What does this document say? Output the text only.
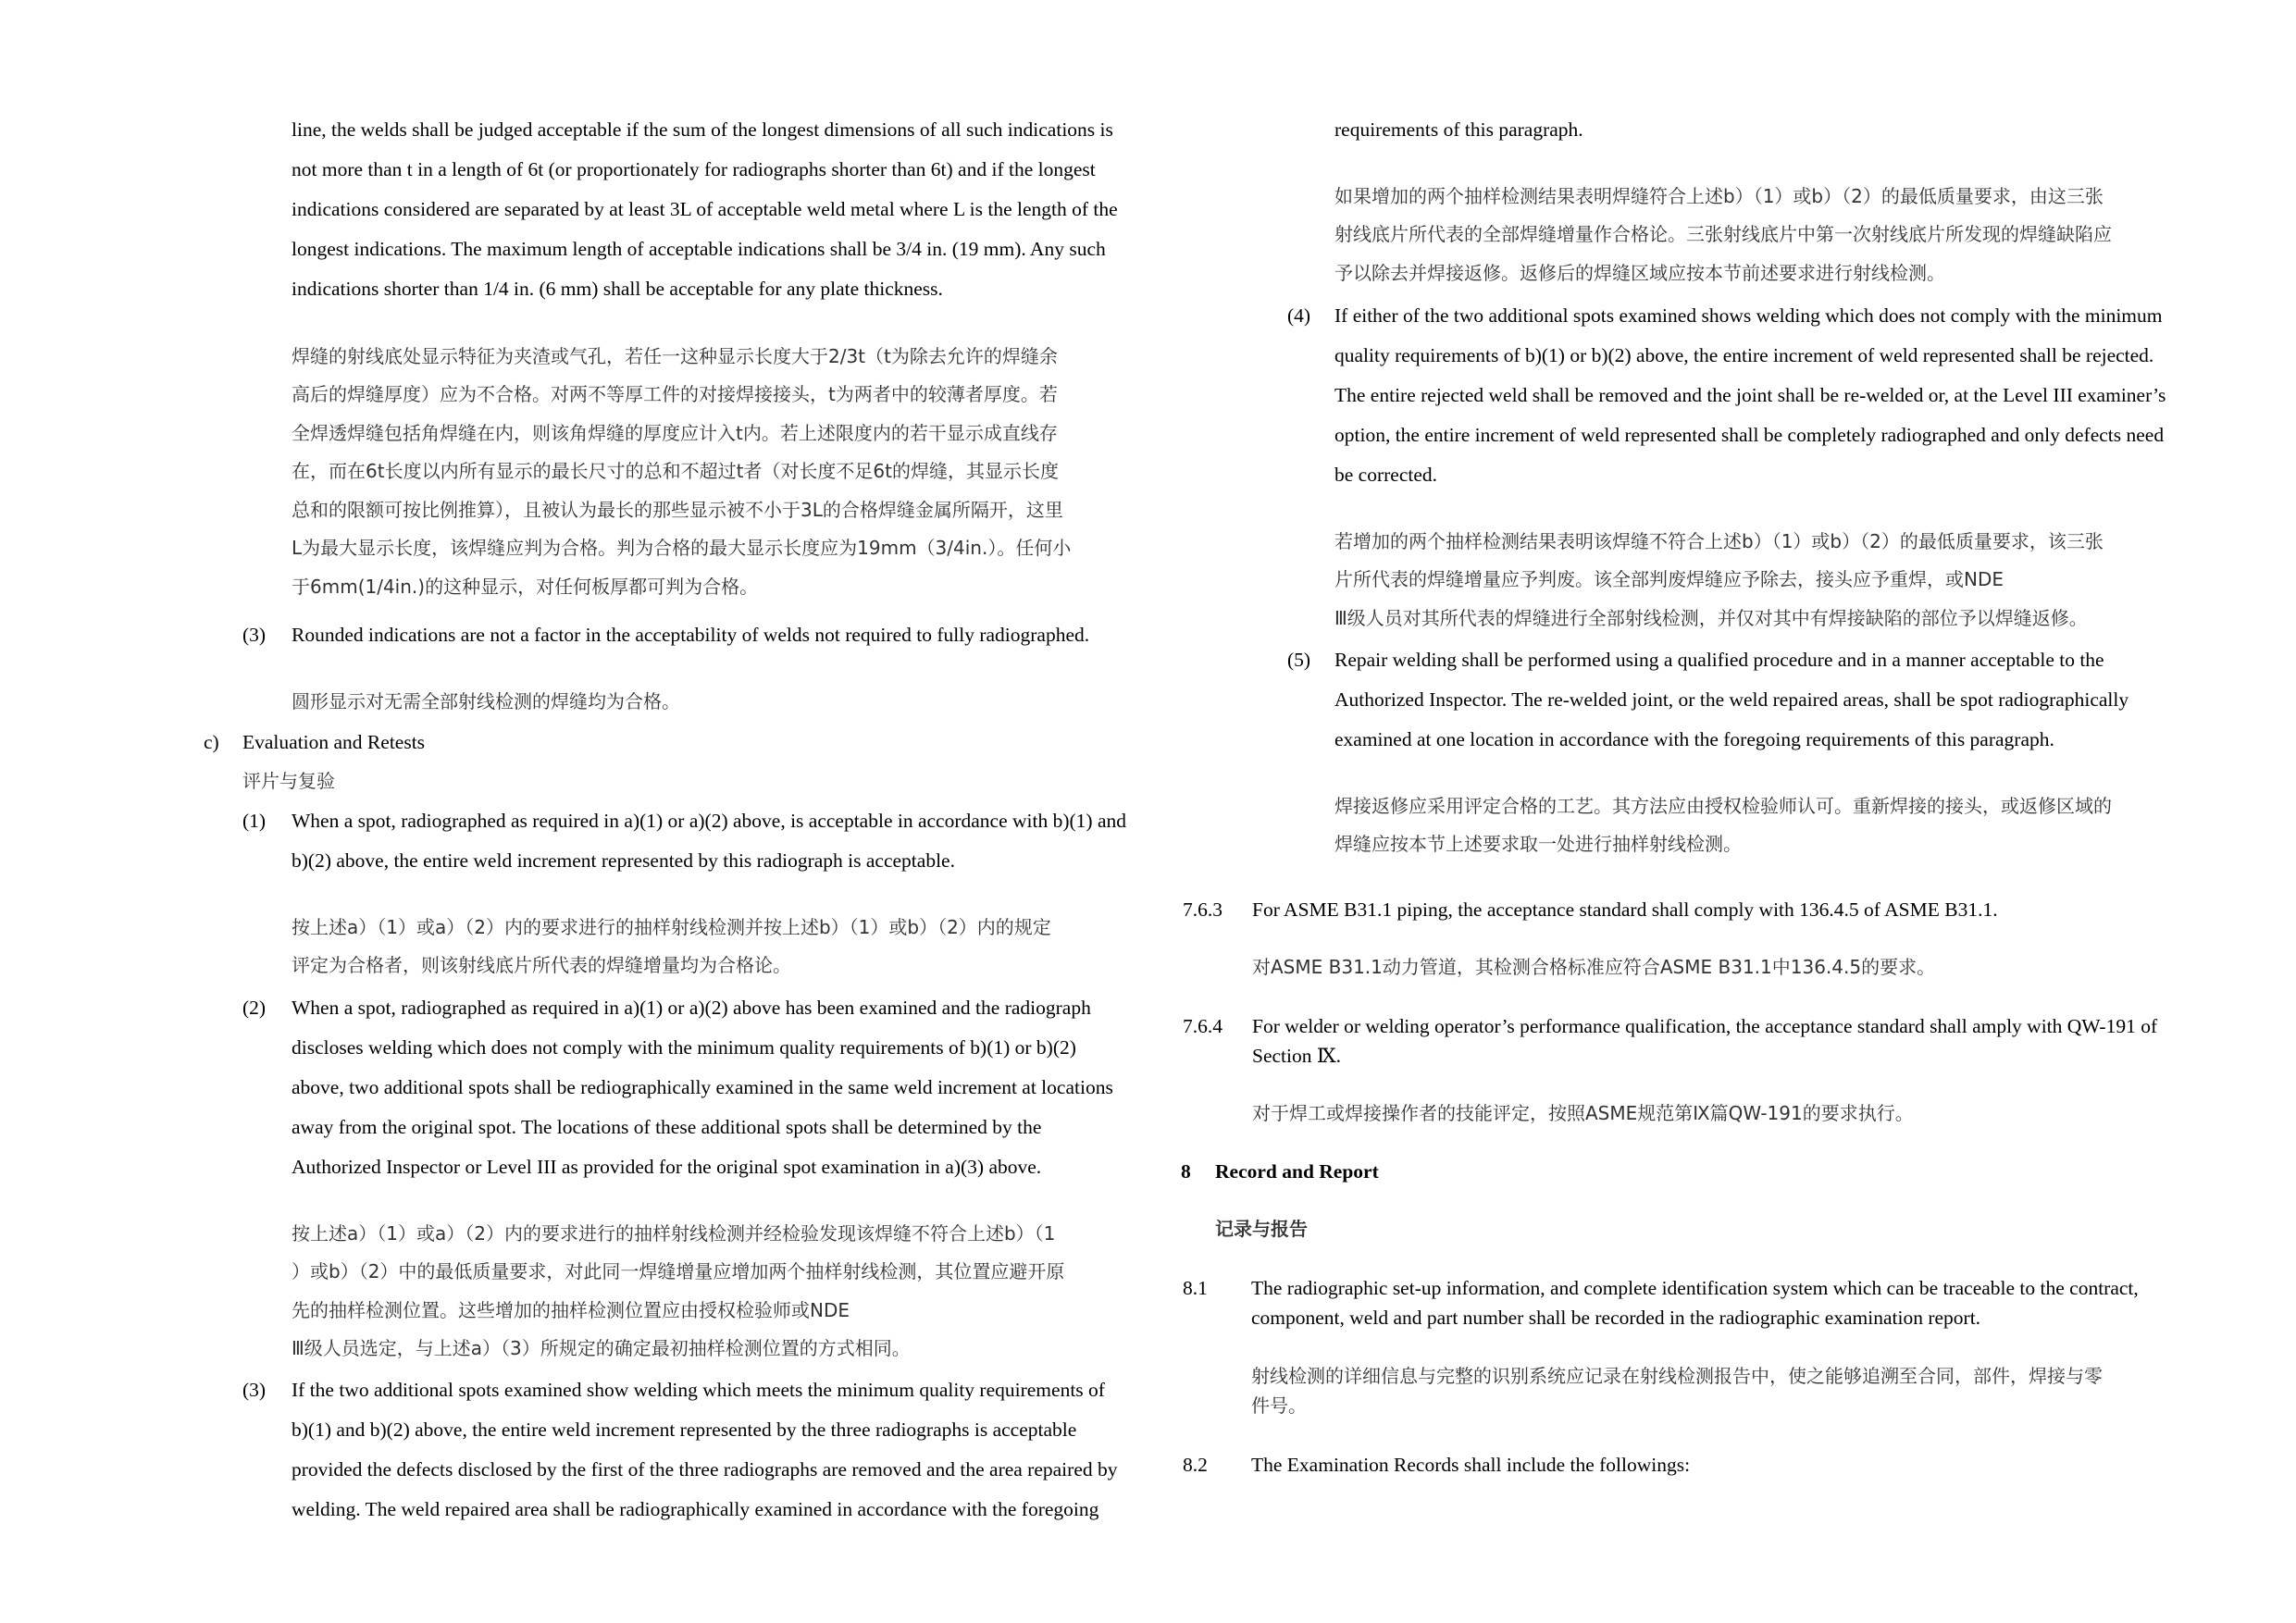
line, the welds shall be judged acceptable if the sum of the longest dimensions of all such indications is
not more than t in a length of 6t (or proportionately for radiographs shorter than 6t) and if the longest
indications considered are separated by at least 3L of acceptable weld metal where L is the length of the
longest indications. The maximum length of acceptable indications shall be 3/4 in. (19 mm). Any such
indications shorter than 1/4 in. (6 mm) shall be acceptable for any plate thickness.
焊缝的射线底处显示特征为夹渣或气孔，若任一这种显示长度大于2/3t（t为除去允许的焊缝余
高后的焊缝厚度）应为不合格。对两不等厚工件的对接焊接接头，t为两者中的较薄者厚度。若
全焊透焊缝包括角焊缝在内，则该角焊缝的厚度应计入t内。若上述限度内的若干显示成直线存
在，而在6t长度以内所有显示的最长尺寸的总和不超过t者（对长度不足6t的焊缝，其显示长度
总和的限额可按比例推算），且被认为最长的那些显示被不小于3L的合格焊缝金属所隔开，这里
L为最大显示长度，该焊缝应判为合格。判为合格的最大显示长度应为19mm（3/4in.）。任何小
于6mm(1/4in.)的这种显示，对任何板厚都可判为合格。
(3) Rounded indications are not a factor in the acceptability of welds not required to fully radiographed.
圆形显示对无需全部射线检测的焊缝均为合格。
c) Evaluation and Retests
评片与复验
(1) When a spot, radiographed as required in a)(1) or a)(2) above, is acceptable in accordance with b)(1) and
b)(2) above, the entire weld increment represented by this radiograph is acceptable.
按上述a）（1）或a）（2）内的要求进行的抽样射线检测并按上述b）（1）或b）（2）内的规定
评定为合格者，则该射线底片所代表的焊缝增量均为合格论。
(2) When a spot, radiographed as required in a)(1) or a)(2) above has been examined and the radiograph
discloses welding which does not comply with the minimum quality requirements of b)(1) or b)(2)
above, two additional spots shall be rediographically examined in the same weld increment at locations
away from the original spot. The locations of these additional spots shall be determined by the
Authorized Inspector or Level III as provided for the original spot examination in a)(3) above.
按上述a）（1）或a）（2）内的要求进行的抽样射线检测并经检验发现该焊缝不符合上述b）（1
）或b）（2）中的最低质量要求，对此同一焊缝增量应增加两个抽样射线检测，其位置应避开原
先的抽样检测位置。这些增加的抽样检测位置应由授权检验师或NDE
Ⅲ级人员选定，与上述a）（3）所规定的确定最初抽样检测位置的方式相同。
(3) If the two additional spots examined show welding which meets the minimum quality requirements of
b)(1) and b)(2) above, the entire weld increment represented by the three radiographs is acceptable
provided the defects disclosed by the first of the three radiographs are removed and the area repaired by
welding. The weld repaired area shall be radiographically examined in accordance with the foregoing
requirements of this paragraph.
如果增加的两个抽样检测结果表明焊缝符合上述b）（1）或b）（2）的最低质量要求，由这三张
射线底片所代表的全部焊缝增量作合格论。三张射线底片中第一次射线底片所发现的焊缝缺陷应
予以除去并焊接返修。返修后的焊缝区域应按本节前述要求进行射线检测。
(4) If either of the two additional spots examined shows welding which does not comply with the minimum
quality requirements of b)(1) or b)(2) above, the entire increment of weld represented shall be rejected.
The entire rejected weld shall be removed and the joint shall be re-welded or, at the Level III examiner’s
option, the entire increment of weld represented shall be completely radiographed and only defects need
be corrected.
若增加的两个抽样检测结果表明该焊缝不符合上述b）（1）或b）（2）的最低质量要求，该三张
片所代表的焊缝增量应予判废。该全部判废焊缝应予除去，接头应予重焊，或NDE
Ⅲ级人员对其所代表的焊缝进行全部射线检测，并仅对其中有焊接缺陷的部位予以焊缝返修。
(5) Repair welding shall be performed using a qualified procedure and in a manner acceptable to the
Authorized Inspector. The re-welded joint, or the weld repaired areas, shall be spot radiographically
examined at one location in accordance with the foregoing requirements of this paragraph.
焊接返修应采用评定合格的工艺。其方法应由授权检验师认可。重新焊接的接头，或返修区域的
焊缝应按本节上述要求取一处进行抽样射线检测。
7.6.3 For ASME B31.1 piping, the acceptance standard shall comply with 136.4.5 of ASME B31.1.
对ASME B31.1动力管道，其检测合格标准应符合ASME B31.1中136.4.5的要求。
7.6.4 For welder or welding operator’s performance qualification, the acceptance standard shall amply with QW-191 of
Section Ⅸ.
对于焊工或焊接操作者的技能评定，按照ASME规范第Ⅸ篇QW-191的要求执行。
8 Record and Report
记录与报告
8.1 The radiographic set-up information, and complete identification system which can be traceable to the contract,
component, weld and part number shall be recorded in the radiographic examination report.
射线检测的详细信息与完整的识别系统应记录在射线检测报告中，使之能够追溯至合同，部件，焊接与零
件号。
8.2 The Examination Records shall include the followings:
